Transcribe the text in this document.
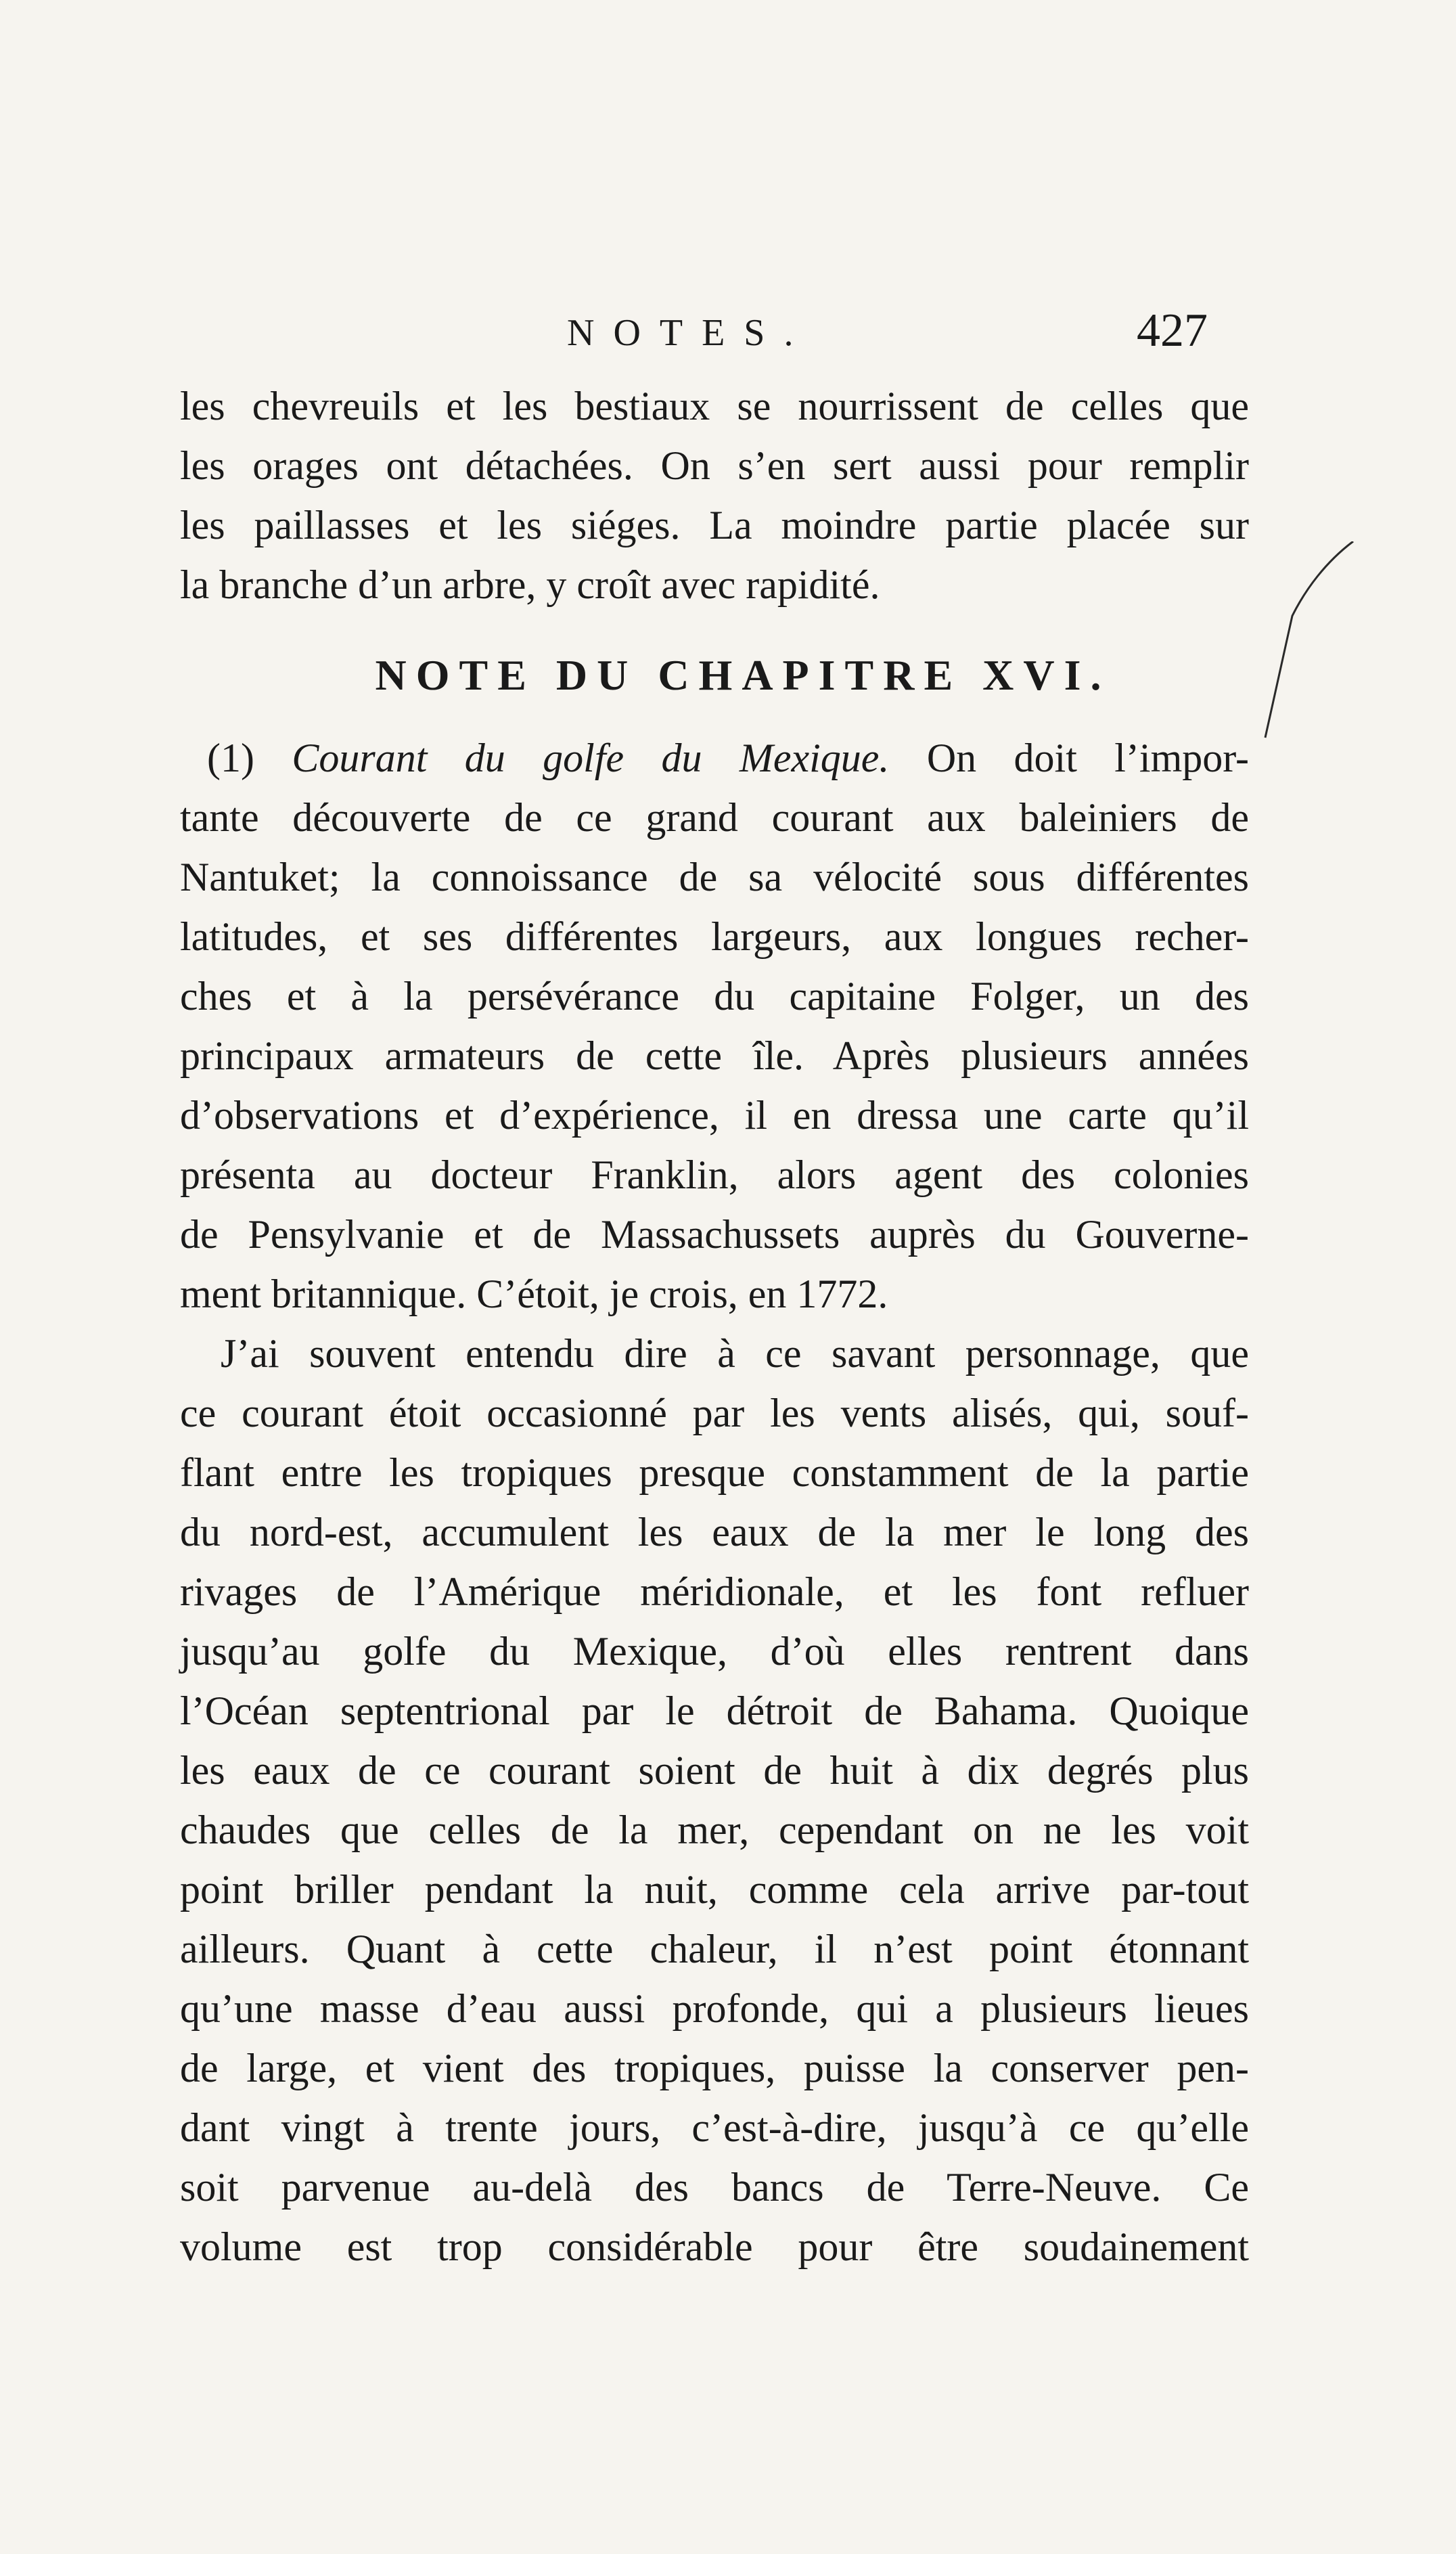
NOTES.	427
les chevreuils et les bestiaux se nourrissent de celles que
les orages ont détachées. On s’en sert aussi pour remplir
les paillasses et les siéges. La moindre partie placée sur
la branche d’un arbre, y croît avec rapidité.
NOTE DU CHAPITRE XVI.
(1) Courant du golfe du Mexique. On doit l’impor-
tante découverte de ce grand courant aux baleiniers de
Nantuket; la connoissance de sa vélocité sous différentes
latitudes, et ses différentes largeurs, aux longues recher-
ches et à la persévérance du capitaine Folger, un des
principaux armateurs de cette île. Après plusieurs années
d’observations et d’expérience, il en dressa une carte qu’il
présenta au docteur Franklin, alors agent des colonies
de Pensylvanie et de Massachussets auprès du Gouverne-
ment britannique. C’étoit, je crois, en 1772.
J’ai souvent entendu dire à ce savant personnage, que
ce courant étoit occasionné par les vents alisés, qui, souf-
flant entre les tropiques presque constamment de la partie
du nord-est, accumulent les eaux de la mer le long des
rivages de l’Amérique méridionale, et les font refluer
jusqu’au golfe du Mexique, d’où elles rentrent dans
l’Océan septentrional par le détroit de Bahama. Quoique
les eaux de ce courant soient de huit à dix degrés plus
chaudes que celles de la mer, cependant on ne les voit
point briller pendant la nuit, comme cela arrive par-tout
ailleurs. Quant à cette chaleur, il n’est point étonnant
qu’une masse d’eau aussi profonde, qui a plusieurs lieues
de large, et vient des tropiques, puisse la conserver pen-
dant vingt à trente jours, c’est-à-dire, jusqu’à ce qu’elle
soit parvenue au-delà des bancs de Terre-Neuve. Ce
volume est trop considérable pour être soudainement
